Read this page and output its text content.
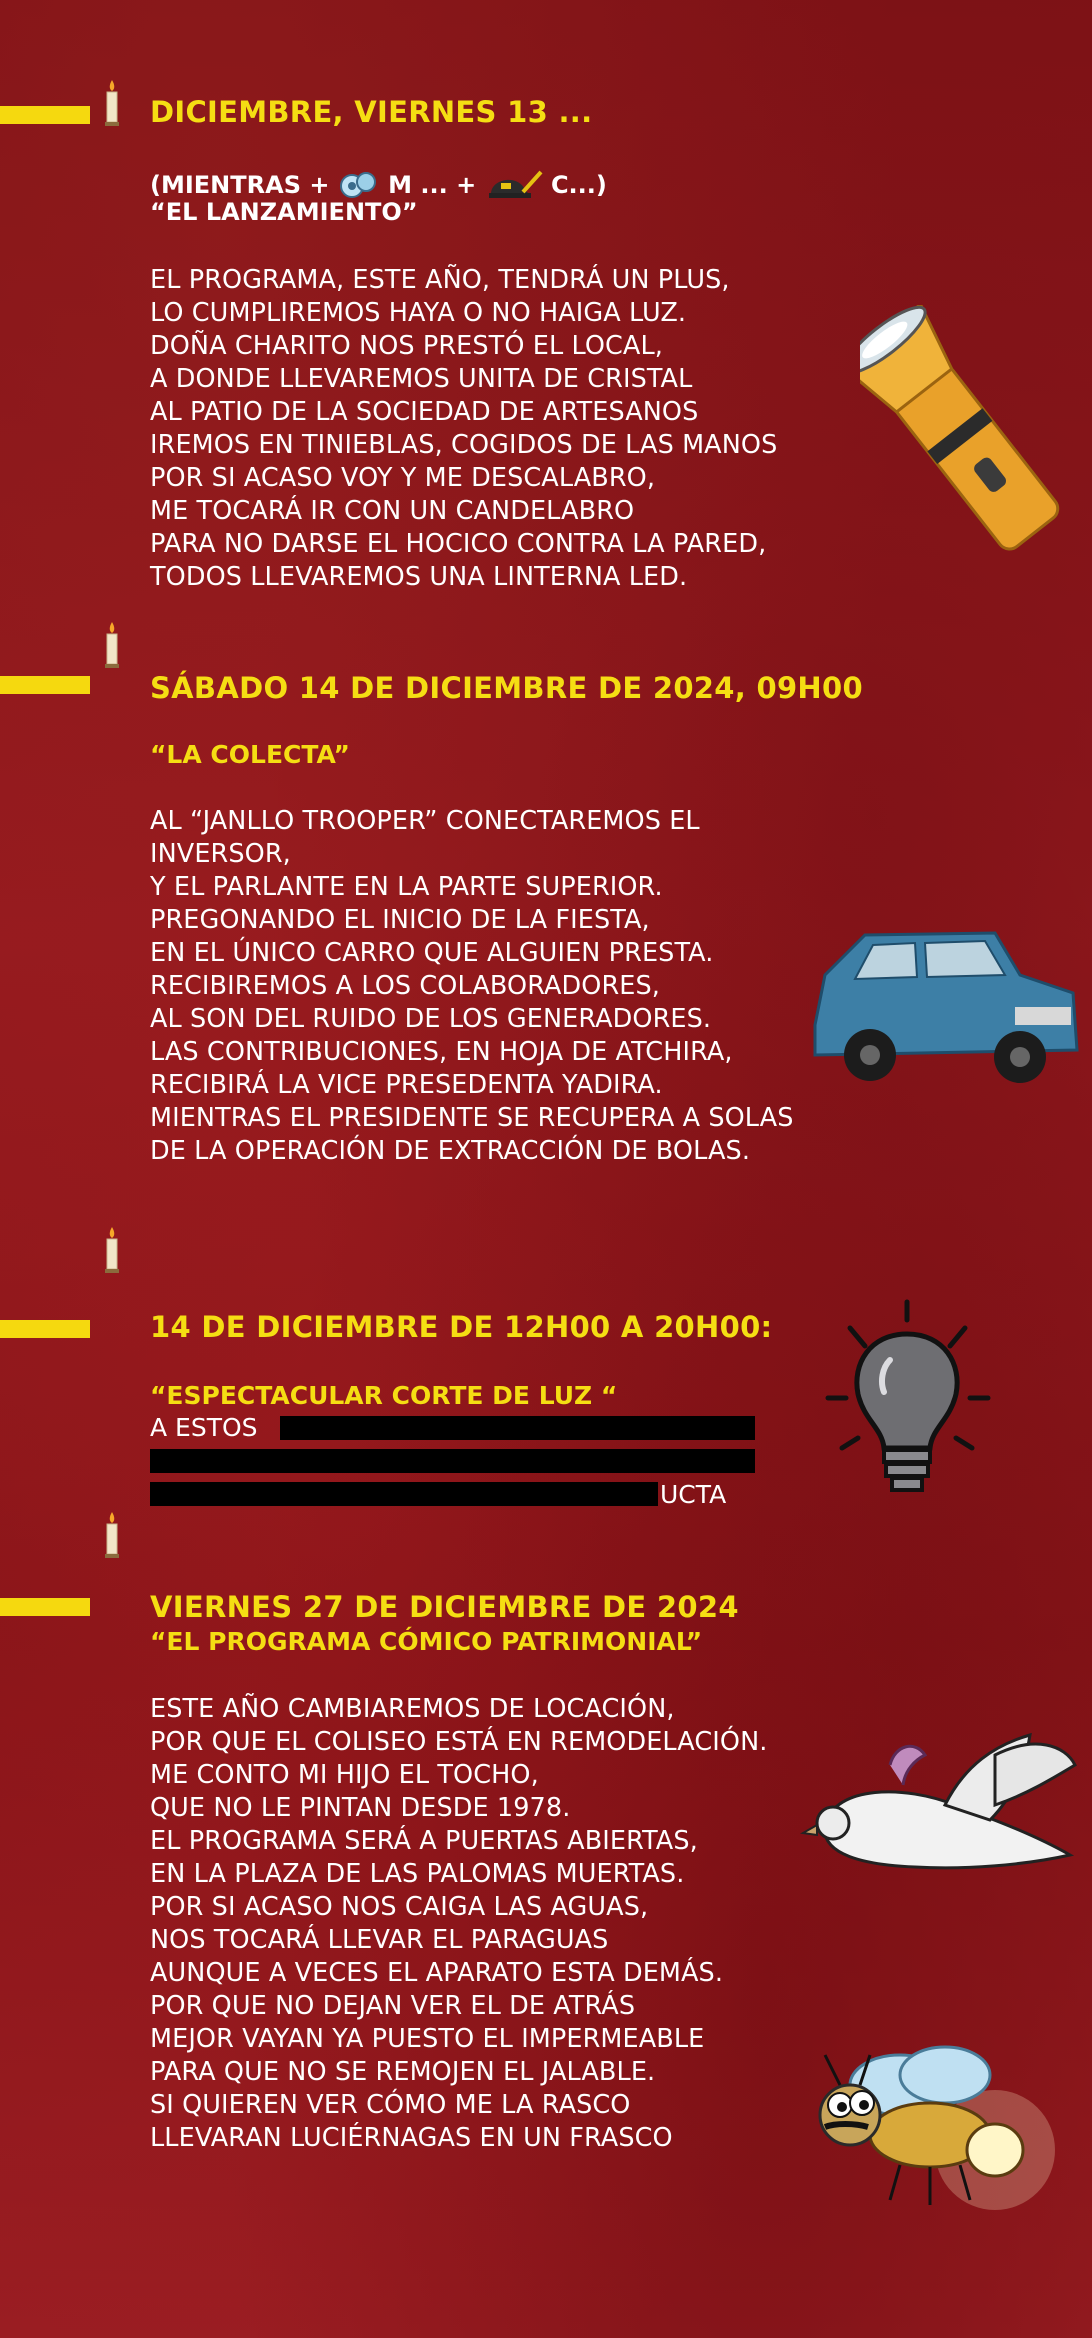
DICIEMBRE, VIERNES 13 ...
(MIENTRAS + M ... +	C...)
“EL LANZAMIENTO”
EL PROGRAMA, ESTE AÑO, TENDRÁ UN PLUS,
LO CUMPLIREMOS HAYA O NO HAIGA LUZ.
DOÑA CHARITO NOS PRESTÓ EL LOCAL,
A DONDE LLEVAREMOS UNITA DE CRISTAL
AL PATIO DE LA SOCIEDAD DE ARTESANOS
IREMOS EN TINIEBLAS, COGIDOS DE LAS MANOS
POR SI ACASO VOY Y ME DESCALABRO,
ME TOCARÁ IR CON UN CANDELABRO
PARA NO DARSE EL HOCICO CONTRA LA PARED,
TODOS LLEVAREMOS UNA LINTERNA LED.
SÁBADO 14 DE DICIEMBRE DE 2024, 09H00
“LA COLECTA”
AL “JANLLO TROOPER” CONECTAREMOS EL
INVERSOR,
Y EL PARLANTE EN LA PARTE SUPERIOR.
PREGONANDO EL INICIO DE LA FIESTA,
EN EL ÚNICO CARRO QUE ALGUIEN PRESTA.
RECIBIREMOS A LOS COLABORADORES,
AL SON DEL RUIDO DE LOS GENERADORES.
LAS CONTRIBUCIONES, EN HOJA DE ATCHIRA,
RECIBIRÁ LA VICE PRESEDENTA YADIRA.
MIENTRAS EL PRESIDENTE SE RECUPERA A SOLAS
DE LA OPERACIÓN DE EXTRACCIÓN DE BOLAS.
14 DE DICIEMBRE DE 12H00 A 20H00:
“ESPECTACULAR CORTE DE LUZ “
A ESTOS
UCTA
VIERNES 27 DE DICIEMBRE DE 2024
“EL PROGRAMA CÓMICO PATRIMONIAL”
ESTE AÑO CAMBIAREMOS DE LOCACIÓN,
POR QUE EL COLISEO ESTÁ EN REMODELACIÓN.
ME CONTO MI HIJO EL TOCHO,
QUE NO LE PINTAN DESDE 1978.
EL PROGRAMA SERÁ A PUERTAS ABIERTAS,
EN LA PLAZA DE LAS PALOMAS MUERTAS.
POR SI ACASO NOS CAIGA LAS AGUAS,
NOS TOCARÁ LLEVAR EL PARAGUAS
AUNQUE A VECES EL APARATO ESTA DEMÁS.
POR QUE NO DEJAN VER EL DE ATRÁS
MEJOR VAYAN YA PUESTO EL IMPERMEABLE
PARA QUE NO SE REMOJEN EL JALABLE.
SI QUIEREN VER CÓMO ME LA RASCO
LLEVARAN LUCIÉRNAGAS EN UN FRASCO
